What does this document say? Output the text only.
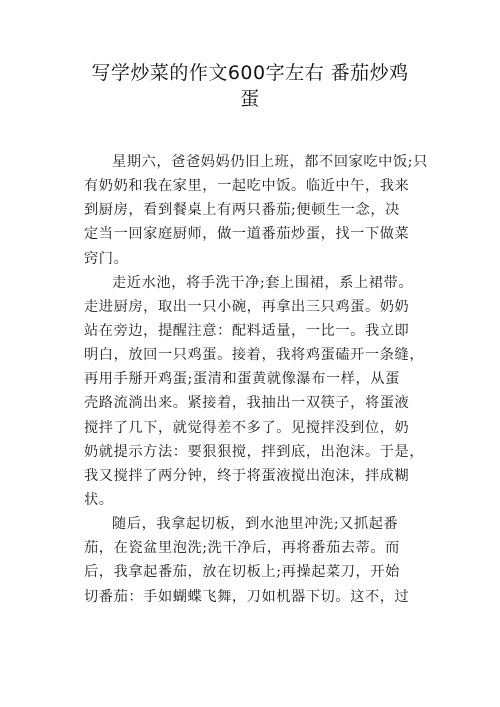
写学炒菜的作文600字左右 番茄炒鸡
蛋
星期六，爸爸妈妈仍旧上班，都不回家吃中饭;只
有奶奶和我在家里，一起吃中饭。临近中午，我来
到厨房，看到餐桌上有两只番茄;便顿生一念，决
定当一回家庭厨师，做一道番茄炒蛋，找一下做菜
窍门。
走近水池，将手洗干净;套上围裙，系上裙带。
走进厨房，取出一只小碗，再拿出三只鸡蛋。奶奶
站在旁边，提醒注意：配料适量，一比一。我立即
明白，放回一只鸡蛋。接着，我将鸡蛋磕开一条缝，
再用手掰开鸡蛋;蛋清和蛋黄就像瀑布一样，从蛋
壳路流淌出来。紧接着，我抽出一双筷子，将蛋液
搅拌了几下，就觉得差不多了。见搅拌没到位，奶
奶就提示方法：要狠狠搅，拌到底，出泡沫。于是，
我又搅拌了两分钟，终于将蛋液搅出泡沫，拌成糊
状。
随后，我拿起切板，到水池里冲洗;又抓起番
茄，在瓷盆里泡洗;洗干净后，再将番茄去蒂。而
后，我拿起番茄，放在切板上;再操起菜刀，开始
切番茄：手如蝴蝶飞舞，刀如机器下切。这不，过
